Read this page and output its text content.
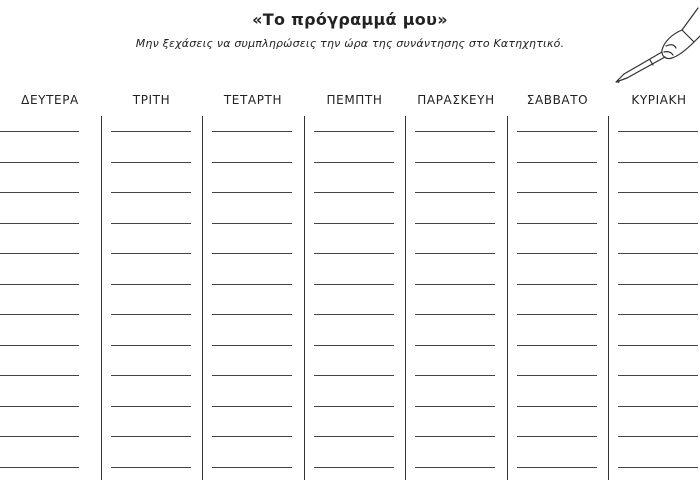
«Το πρόγραμμά μου»
Μην ξεχάσεις να συμπληρώσεις την ώρα της συνάντησης στο Κατηχητικό.
ΔΕΥΤΕΡΑ	ΤΡΙΤΗ	ΤΕΤΑΡΤΗ	ΠΕΜΠΤΗ	ΠΑΡΑΣΚΕΥΗ	ΣΑΒΒΑΤΟ	ΚΥΡΙΑΚΗ
